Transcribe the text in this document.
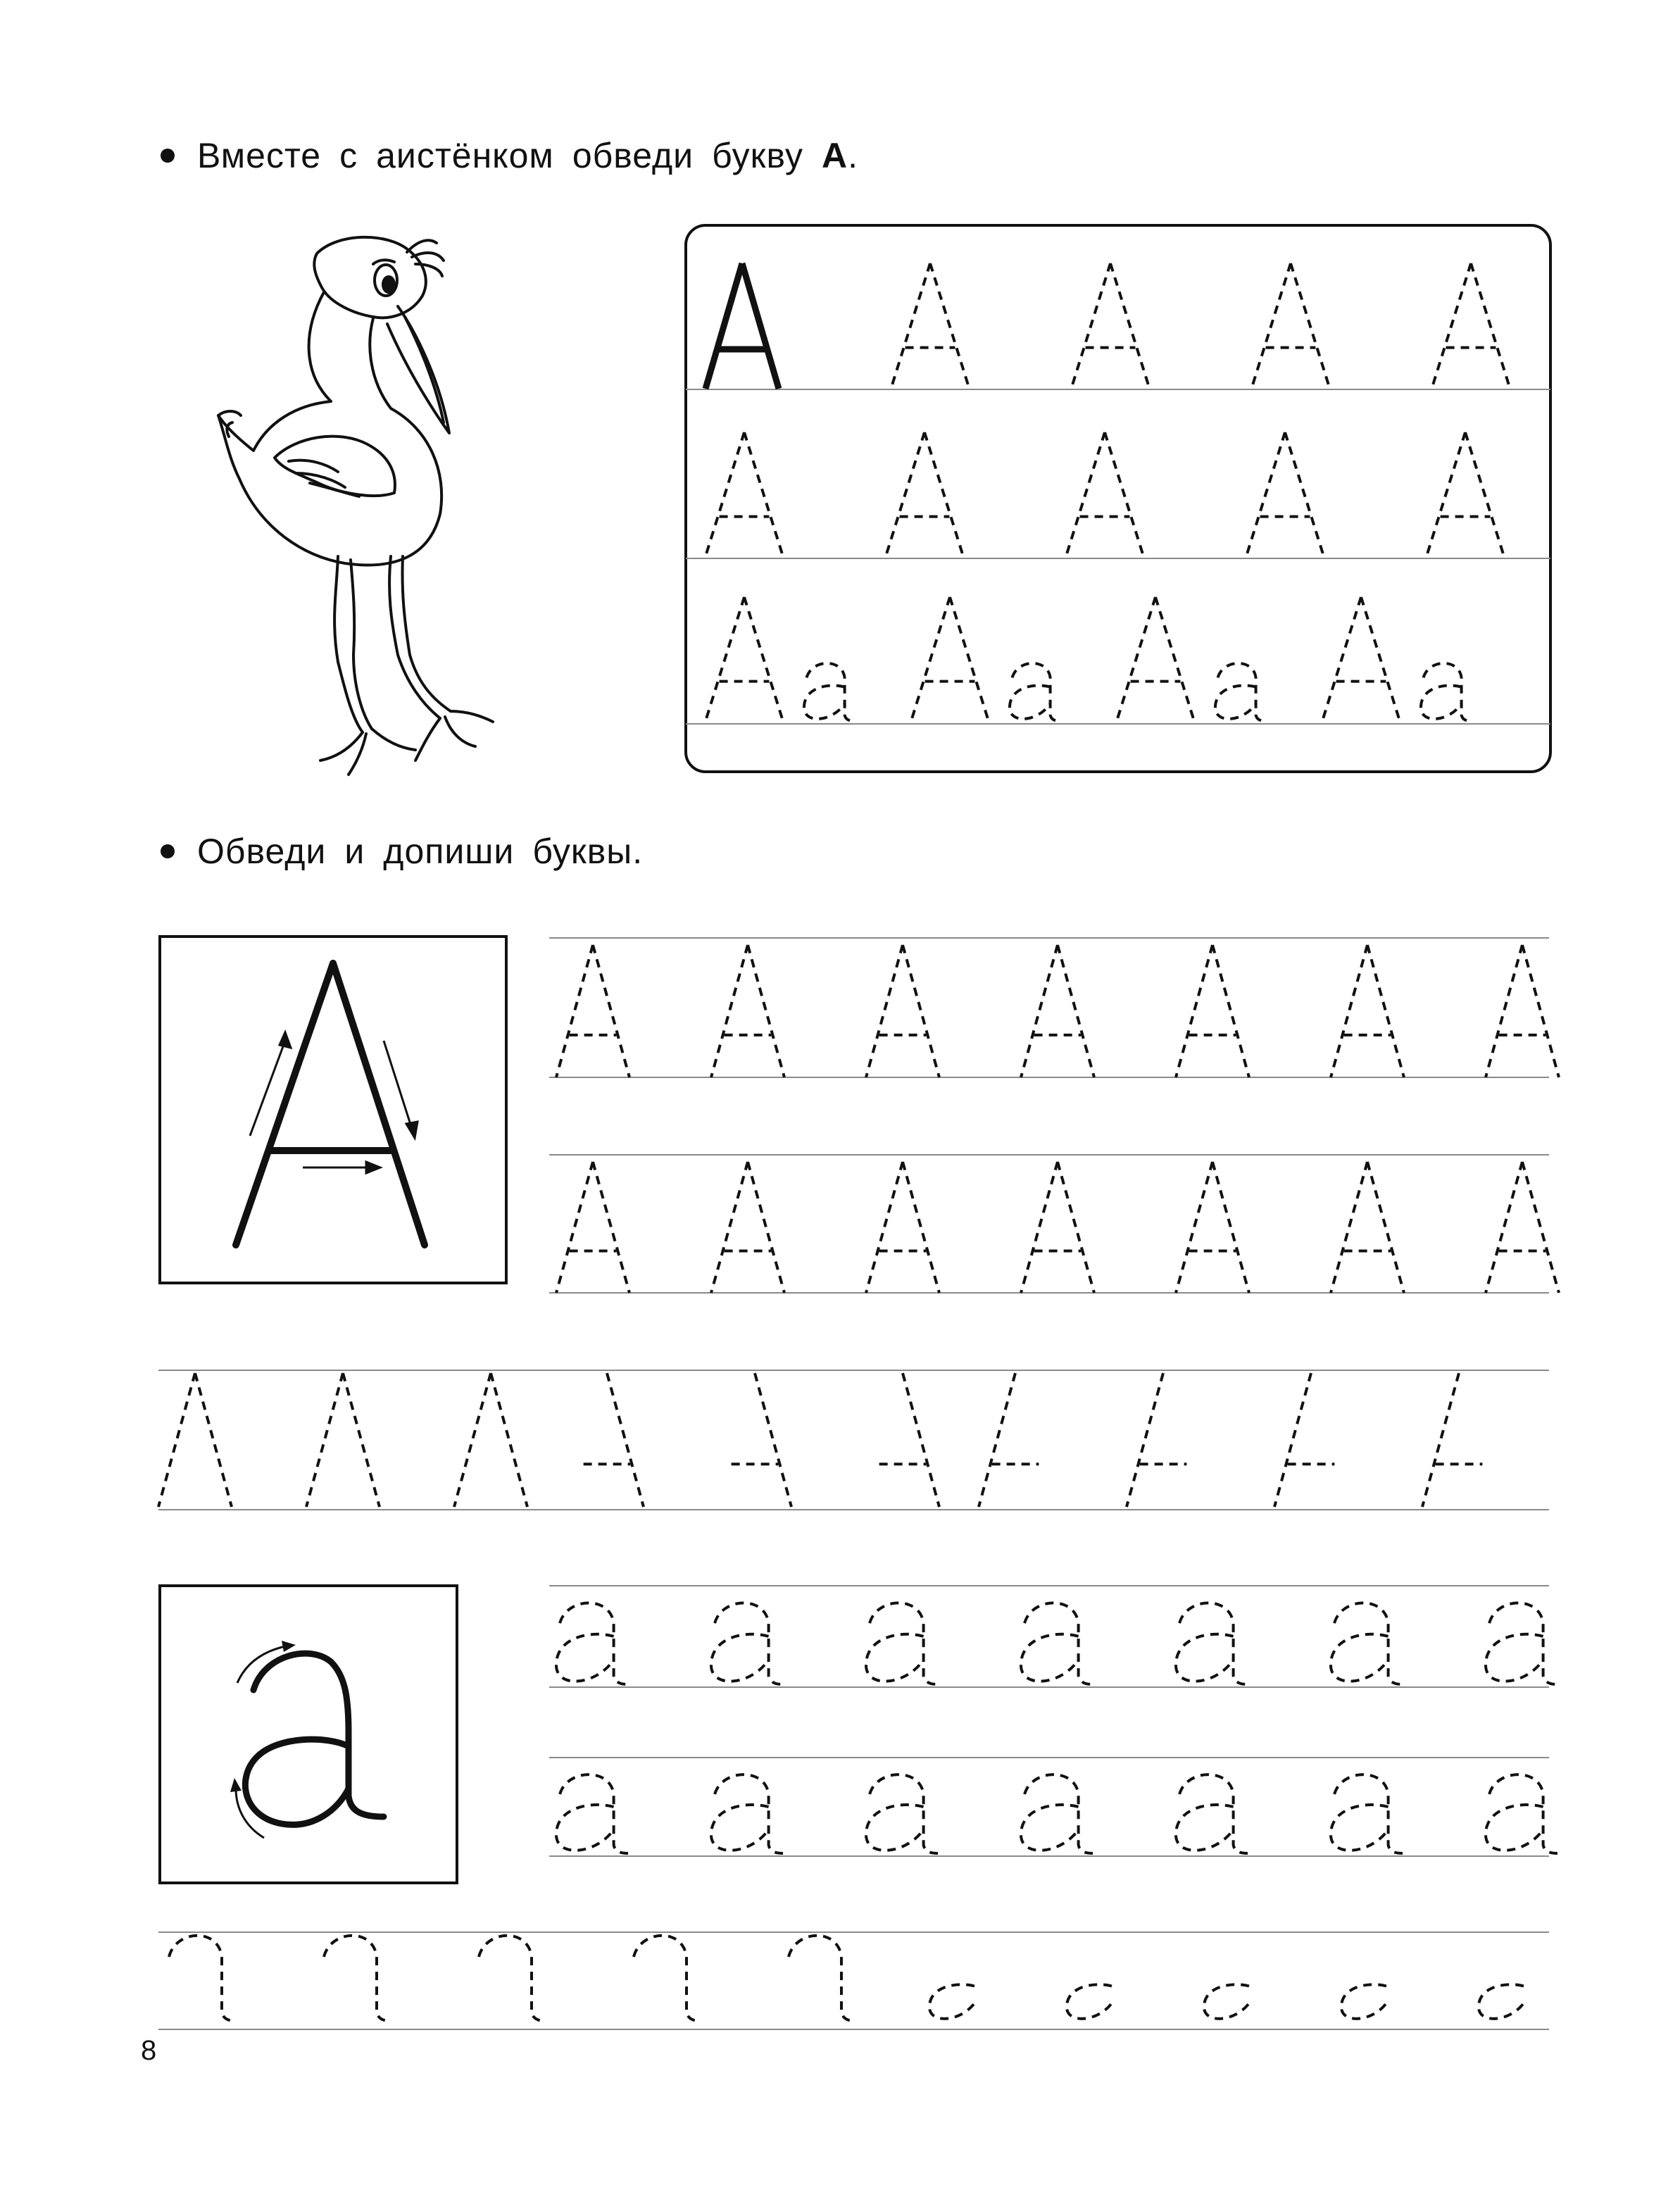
Вместе с аистёнком обведи букву А.
Обведи и допиши буквы.
8
